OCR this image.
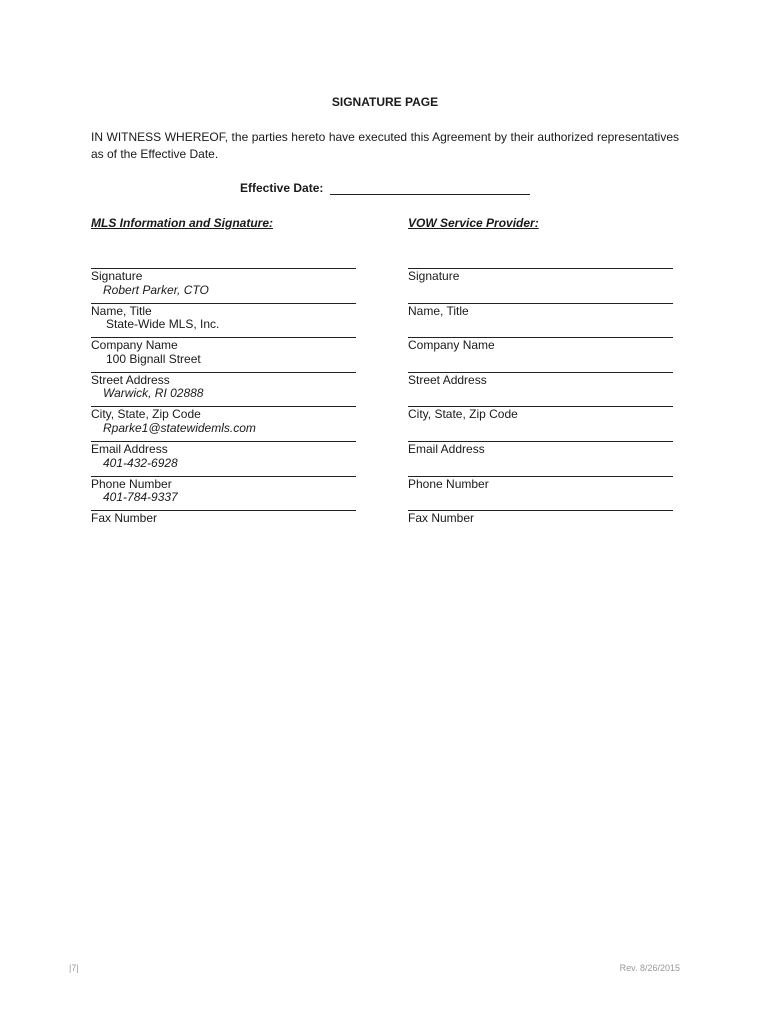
SIGNATURE PAGE
IN WITNESS WHEREOF, the parties hereto have executed this Agreement by their authorized representatives as of the Effective Date.
Effective Date:
MLS Information and Signature:	VOW Service Provider:
Signature
Robert Parker, CTO
Name, Title
State-Wide MLS, Inc.
Company Name
100 Bignall Street
Street Address
Warwick, RI 02888
City, State, Zip Code
Rparke1@statewidemls.com
Email Address
401-432-6928
Phone Number
401-784-9337
Fax Number
Signature
Name, Title
Company Name
Street Address
City, State, Zip Code
Email Address
Phone Number
Fax Number
|7|	Rev. 8/26/2015
